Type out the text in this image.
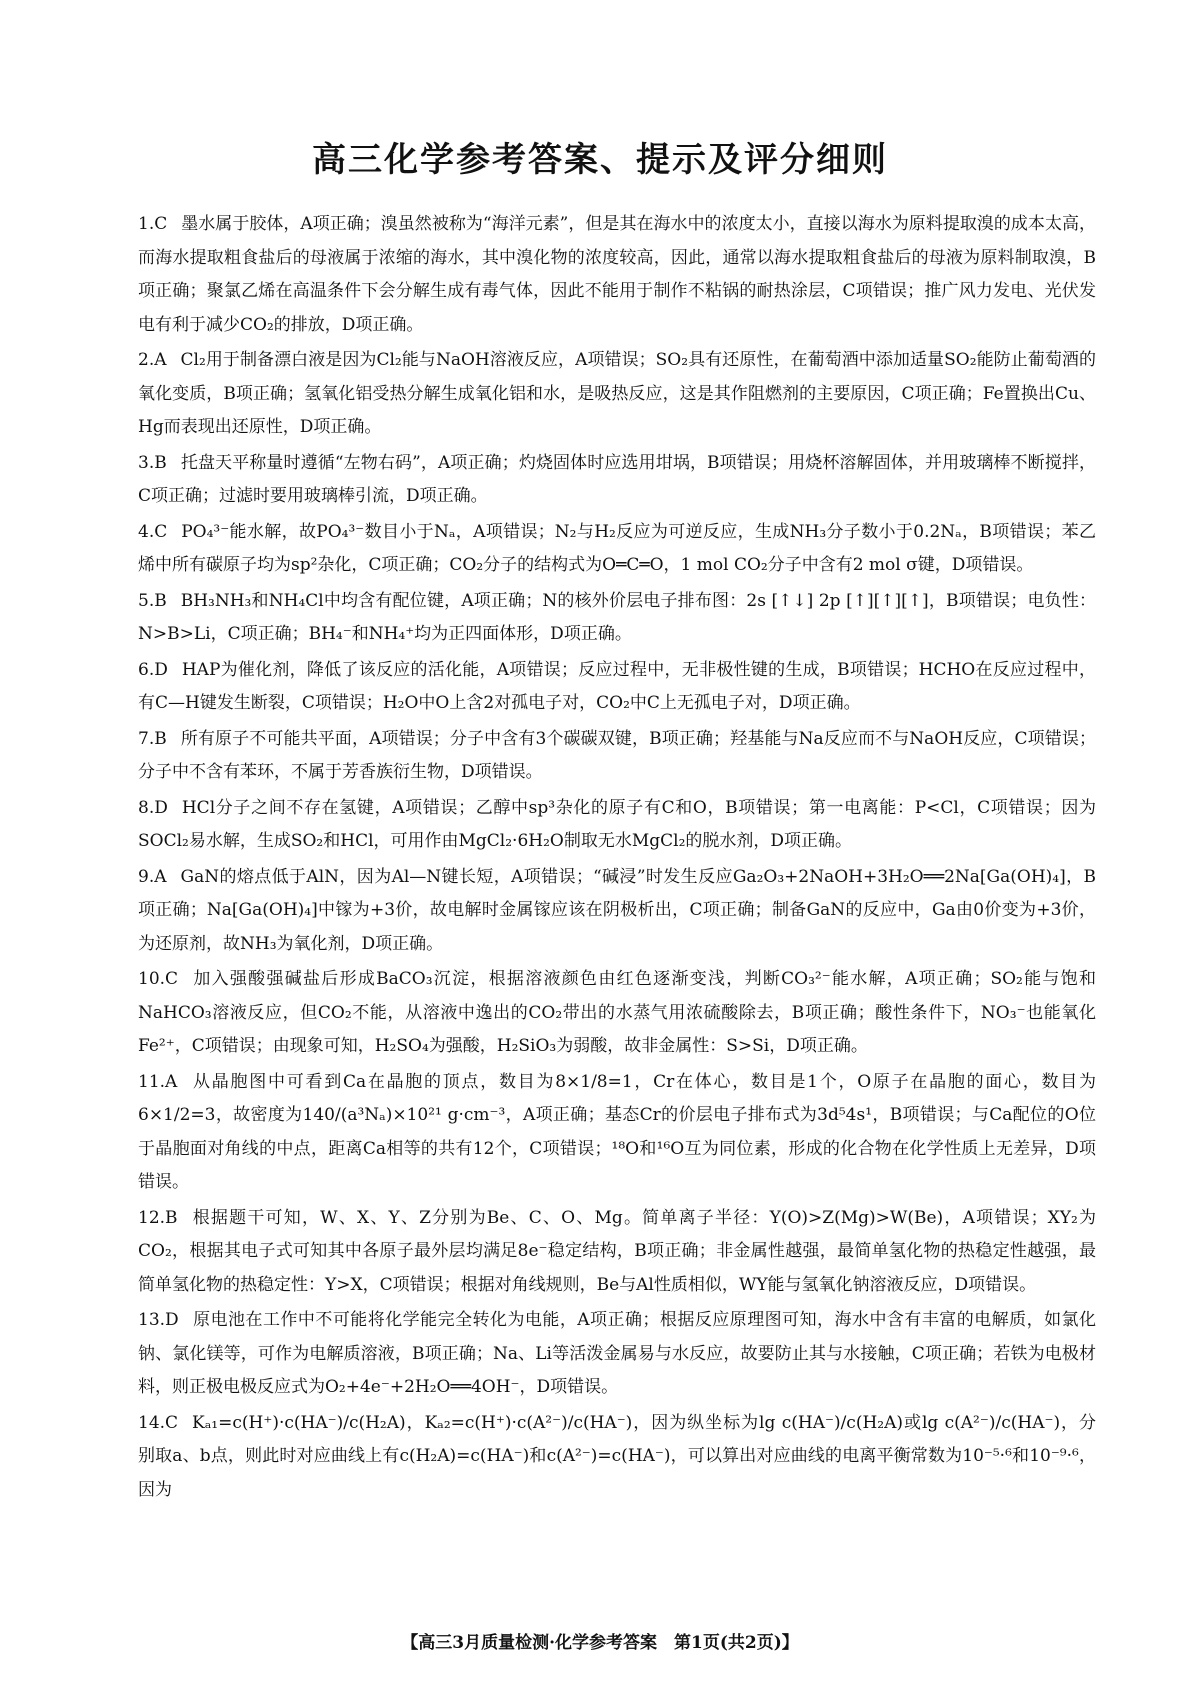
高三化学参考答案、提示及评分细则
1.C 墨水属于胶体，A项正确；溴虽然被称为“海洋元素”，但是其在海水中的浓度太小，直接以海水为原料提取溴的成本太高，而海水提取粗食盐后的母液属于浓缩的海水，其中溴化物的浓度较高，因此，通常以海水提取粗食盐后的母液为原料制取溴，B项正确；聚氯乙烯在高温条件下会分解生成有毒气体，因此不能用于制作不粘锅的耐热涂层，C项错误；推广风力发电、光伏发电有利于减少CO₂的排放，D项正确。
2.A Cl₂用于制备漂白液是因为Cl₂能与NaOH溶液反应，A项错误；SO₂具有还原性，在葡萄酒中添加适量SO₂能防止葡萄酒的氧化变质，B项正确；氢氧化铝受热分解生成氧化铝和水，是吸热反应，这是其作阻燃剂的主要原因，C项正确；Fe置换出Cu、Hg而表现出还原性，D项正确。
3.B 托盘天平称量时遵循“左物右码”，A项正确；灼烧固体时应选用坩埚，B项错误；用烧杯溶解固体，并用玻璃棒不断搅拌，C项正确；过滤时要用玻璃棒引流，D项正确。
4.C PO₄³⁻能水解，故PO₄³⁻数目小于Nₐ，A项错误；N₂与H₂反应为可逆反应，生成NH₃分子数小于0.2Nₐ，B项错误；苯乙烯中所有碳原子均为sp²杂化，C项正确；CO₂分子的结构式为O═C═O，1 mol CO₂分子中含有2 mol σ键，D项错误。
5.B BH₃NH₃和NH₄Cl中均含有配位键，A项正确；N的核外价层电子排布图：2s [↑↓] 2p [↑][↑][↑]，B项错误；电负性：N>B>Li，C项正确；BH₄⁻和NH₄⁺均为正四面体形，D项正确。
6.D HAP为催化剂，降低了该反应的活化能，A项错误；反应过程中，无非极性键的生成，B项错误；HCHO在反应过程中，有C—H键发生断裂，C项错误；H₂O中O上含2对孤电子对，CO₂中C上无孤电子对，D项正确。
7.B 所有原子不可能共平面，A项错误；分子中含有3个碳碳双键，B项正确；羟基能与Na反应而不与NaOH反应，C项错误；分子中不含有苯环，不属于芳香族衍生物，D项错误。
8.D HCl分子之间不存在氢键，A项错误；乙醇中sp³杂化的原子有C和O，B项错误；第一电离能：P<Cl，C项错误；因为SOCl₂易水解，生成SO₂和HCl，可用作由MgCl₂·6H₂O制取无水MgCl₂的脱水剂，D项正确。
9.A GaN的熔点低于AlN，因为Al—N键长短，A项错误；“碱浸”时发生反应Ga₂O₃+2NaOH+3H₂O══2Na[Ga(OH)₄]，B项正确；Na[Ga(OH)₄]中镓为+3价，故电解时金属镓应该在阴极析出，C项正确；制备GaN的反应中，Ga由0价变为+3价，为还原剂，故NH₃为氧化剂，D项正确。
10.C 加入强酸强碱盐后形成BaCO₃沉淀，根据溶液颜色由红色逐渐变浅，判断CO₃²⁻能水解，A项正确；SO₂能与饱和NaHCO₃溶液反应，但CO₂不能，从溶液中逸出的CO₂带出的水蒸气用浓硫酸除去，B项正确；酸性条件下，NO₃⁻也能氧化Fe²⁺，C项错误；由现象可知，H₂SO₄为强酸，H₂SiO₃为弱酸，故非金属性：S>Si，D项正确。
11.A 从晶胞图中可看到Ca在晶胞的顶点，数目为8×1/8=1，Cr在体心，数目是1个，O原子在晶胞的面心，数目为6×1/2=3，故密度为140/(a³Nₐ)×10²¹ g·cm⁻³，A项正确；基态Cr的价层电子排布式为3d⁵4s¹，B项错误；与Ca配位的O位于晶胞面对角线的中点，距离Ca相等的共有12个，C项错误；¹⁸O和¹⁶O互为同位素，形成的化合物在化学性质上无差异，D项错误。
12.B 根据题干可知，W、X、Y、Z分别为Be、C、O、Mg。简单离子半径：Y(O)>Z(Mg)>W(Be)，A项错误；XY₂为CO₂，根据其电子式可知其中各原子最外层均满足8e⁻稳定结构，B项正确；非金属性越强，最简单氢化物的热稳定性越强，最简单氢化物的热稳定性：Y>X，C项错误；根据对角线规则，Be与Al性质相似，WY能与氢氧化钠溶液反应，D项错误。
13.D 原电池在工作中不可能将化学能完全转化为电能，A项正确；根据反应原理图可知，海水中含有丰富的电解质，如氯化钠、氯化镁等，可作为电解质溶液，B项正确；Na、Li等活泼金属易与水反应，故要防止其与水接触，C项正确；若铁为电极材料，则正极电极反应式为O₂+4e⁻+2H₂O══4OH⁻，D项错误。
14.C Kₐ₁=c(H⁺)·c(HA⁻)/c(H₂A)，Kₐ₂=c(H⁺)·c(A²⁻)/c(HA⁻)，因为纵坐标为lg c(HA⁻)/c(H₂A)或lg c(A²⁻)/c(HA⁻)，分别取a、b点，则此时对应曲线上有c(H₂A)=c(HA⁻)和c(A²⁻)=c(HA⁻)，可以算出对应曲线的电离平衡常数为10⁻⁵·⁶和10⁻⁹·⁶，因为
【高三3月质量检测·化学参考答案　第1页(共2页)】
